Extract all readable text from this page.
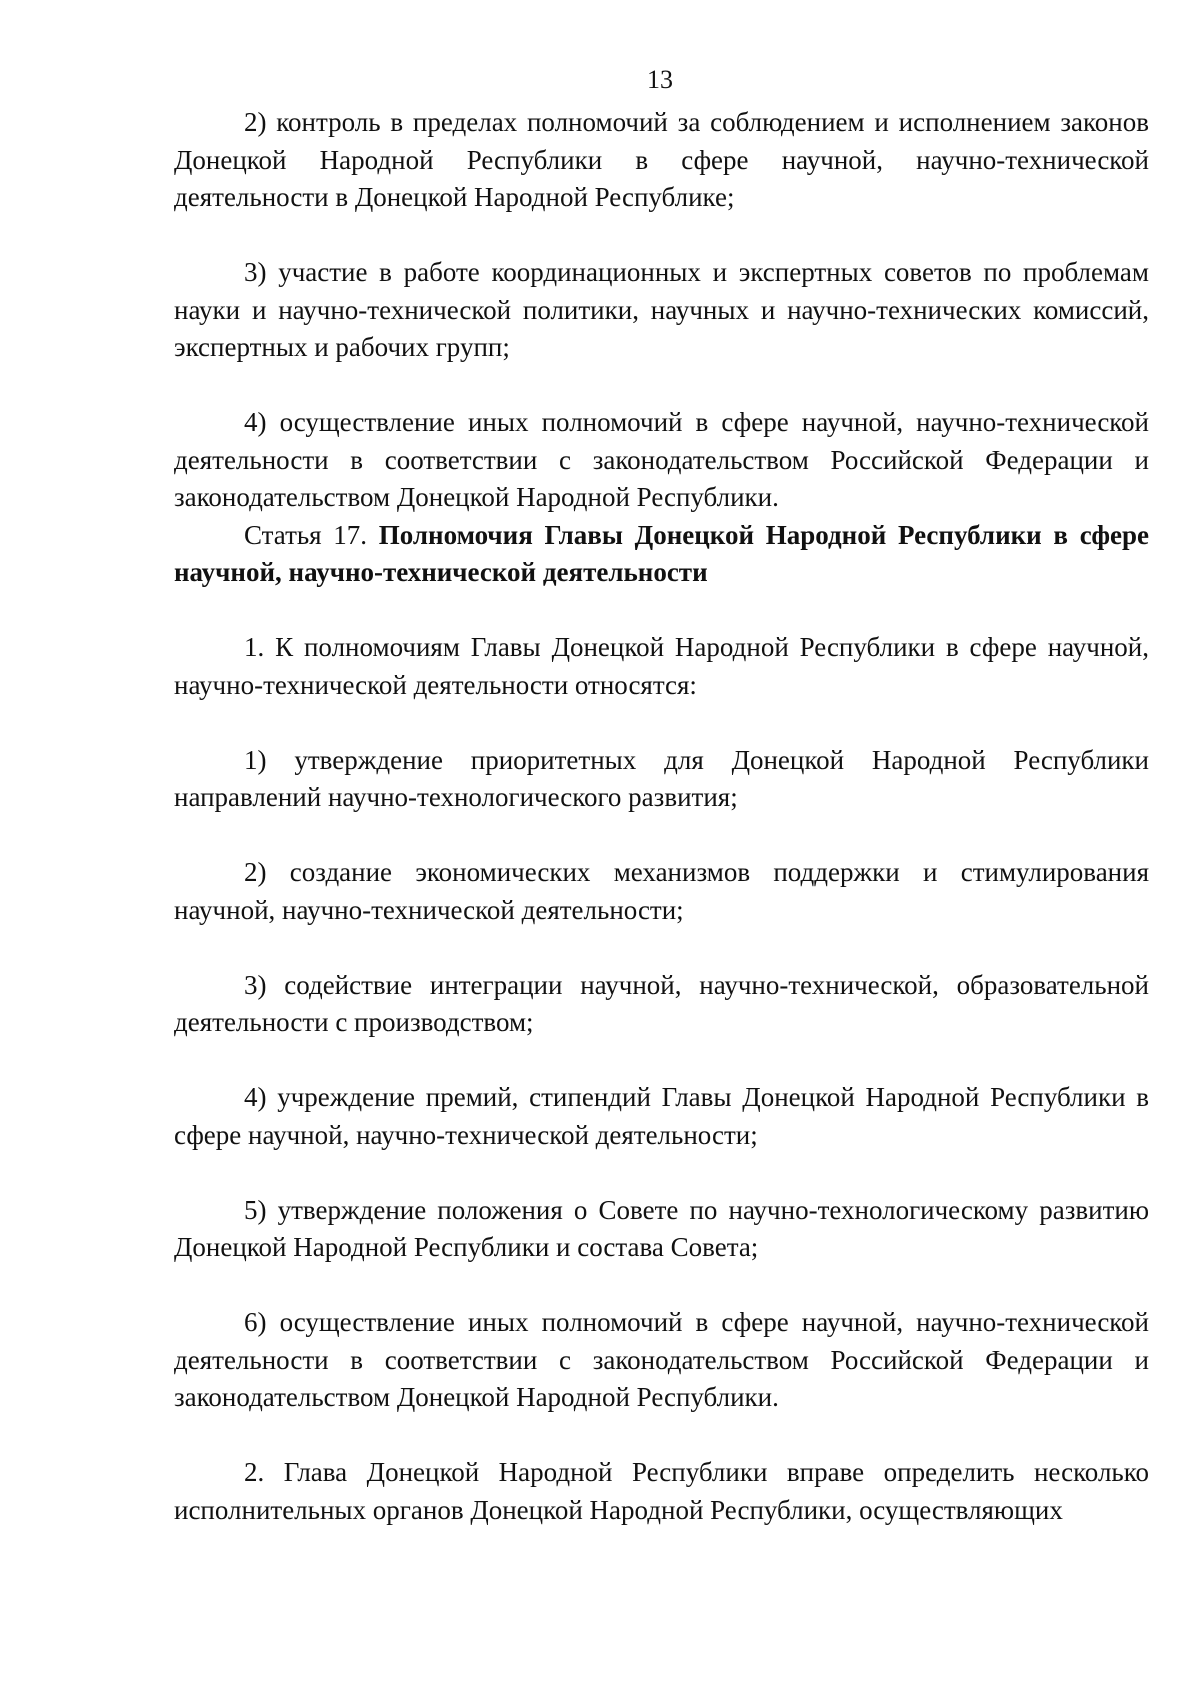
13

2) контроль в пределах полномочий за соблюдением и исполнением законов Донецкой Народной Республики в сфере научной, научно-технической деятельности в Донецкой Народной Республике;

3) участие в работе координационных и экспертных советов по проблемам науки и научно-технической политики, научных и научно-технических комиссий, экспертных и рабочих групп;

4) осуществление иных полномочий в сфере научной, научно-технической деятельности в соответствии с законодательством Российской Федерации и законодательством Донецкой Народной Республики.

Статья 17. Полномочия Главы Донецкой Народной Республики в сфере научной, научно-технической деятельности

1. К полномочиям Главы Донецкой Народной Республики в сфере научной, научно-технической деятельности относятся:

1) утверждение приоритетных для Донецкой Народной Республики направлений научно-технологического развития;

2) создание экономических механизмов поддержки и стимулирования научной, научно-технической деятельности;

3) содействие интеграции научной, научно-технической, образовательной деятельности с производством;

4) учреждение премий, стипендий Главы Донецкой Народной Республики в сфере научной, научно-технической деятельности;

5) утверждение положения о Совете по научно-технологическому развитию Донецкой Народной Республики и состава Совета;

6) осуществление иных полномочий в сфере научной, научно-технической деятельности в соответствии с законодательством Российской Федерации и законодательством Донецкой Народной Республики.

2. Глава Донецкой Народной Республики вправе определить несколько исполнительных органов Донецкой Народной Республики, осуществляющих
